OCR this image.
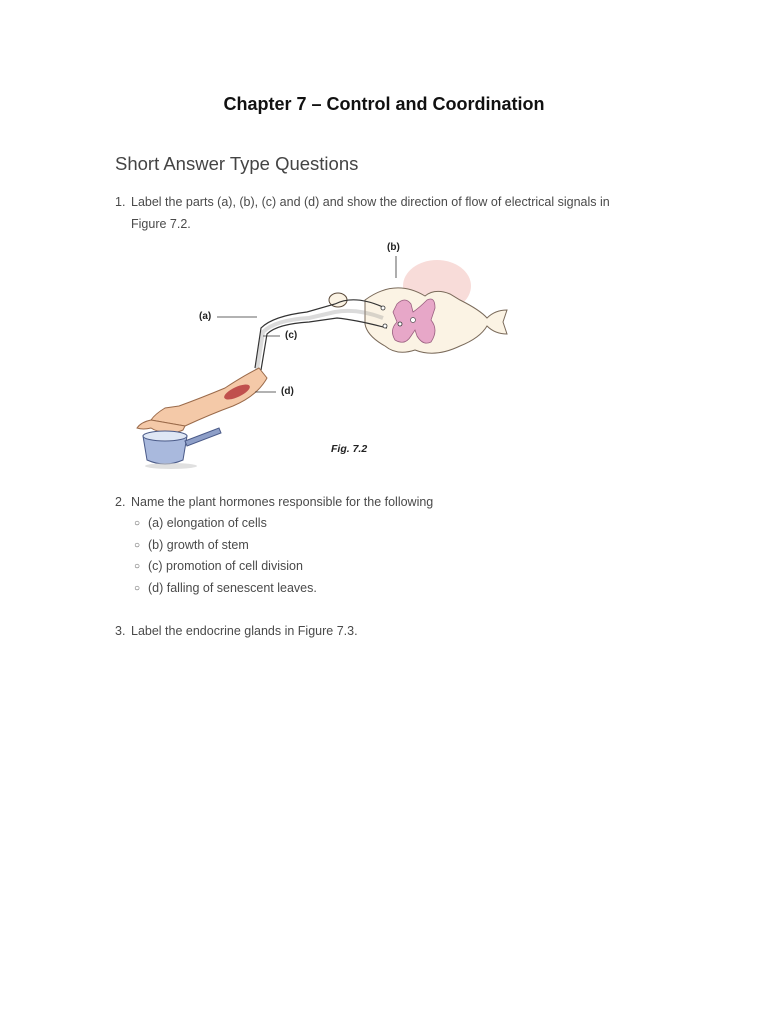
Chapter 7 – Control and Coordination
Short Answer Type Questions
1. Label the parts (a), (b), (c) and (d) and show the direction of flow of electrical signals in
Figure 7.2.
(a)
(b)
(c)
(d)
Fig. 7.2
2. Name the plant hormones responsible for the following
○ (a) elongation of cells
○ (b) growth of stem
○ (c) promotion of cell division
○ (d) falling of senescent leaves.
3. Label the endocrine glands in Figure 7.3.
